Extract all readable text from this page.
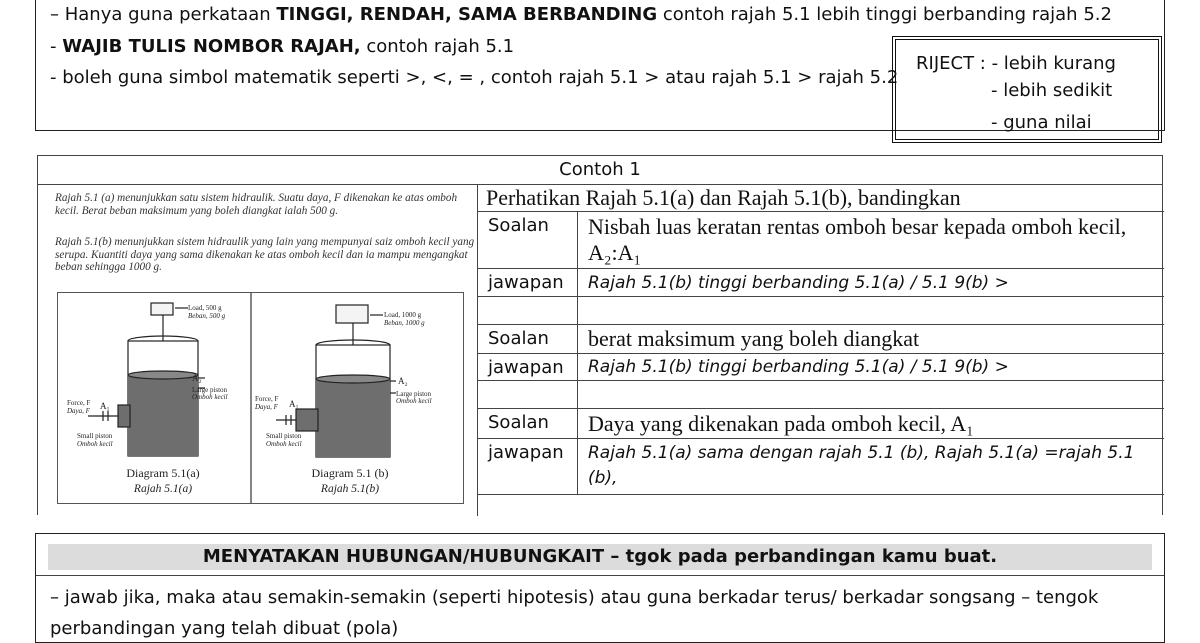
– Hanya guna perkataan TINGGI, RENDAH, SAMA BERBANDING contoh rajah 5.1 lebih tinggi berbanding rajah 5.2
- WAJIB TULIS NOMBOR RAJAH, contoh rajah 5.1
- boleh guna simbol matematik seperti >, <, = , contoh rajah 5.1 > atau rajah 5.1 > rajah 5.2
RIJECT : - lebih kurang
- lebih sedikit
- guna nilai
Contoh 1
Rajah 5.1 (a) menunjukkan satu sistem hidraulik. Suatu daya, F dikenakan ke atas omboh kecil. Berat beban maksimum yang boleh diangkat ialah 500 g.
Rajah 5.1(b) menunjukkan sistem hidraulik yang lain yang mempunyai saiz omboh kecil yang serupa. Kuantiti daya yang sama dikenakan ke atas omboh kecil dan ia mampu mengangkat beban sehingga 1000 g.
Load, 500 g
Beban, 500 g
A₂
Large piston
Omboh kecil
Force, F
Daya, F A₁
Small piston
Omboh kecil
Load, 1000 g
Beban, 1000 g
A₂
Large piston
Omboh kecil
Force, F
Daya, F A₁
Small piston
Omboh kecil
Diagram 5.1(a)
Rajah 5.1(a)
Diagram 5.1 (b)
Rajah 5.1(b)
Perhatikan Rajah 5.1(a) dan Rajah 5.1(b), bandingkan
Soalan	Nisbah luas keratan rentas omboh besar kepada omboh kecil, A₂:A₁
jawapan	Rajah 5.1(b) tinggi berbanding 5.1(a) / 5.1 9(b) >
Soalan	berat maksimum yang boleh diangkat
jawapan	Rajah 5.1(b) tinggi berbanding 5.1(a) / 5.1 9(b) >
Soalan	Daya yang dikenakan pada omboh kecil, A₁
jawapan	Rajah 5.1(a) sama dengan rajah 5.1 (b), Rajah 5.1(a) =rajah 5.1 (b),
MENYATAKAN HUBUNGAN/HUBUNGKAIT – tgok pada perbandingan kamu buat.
– jawab jika, maka atau semakin-semakin (seperti hipotesis) atau guna berkadar terus/ berkadar songsang – tengok
perbandingan yang telah dibuat (pola)
